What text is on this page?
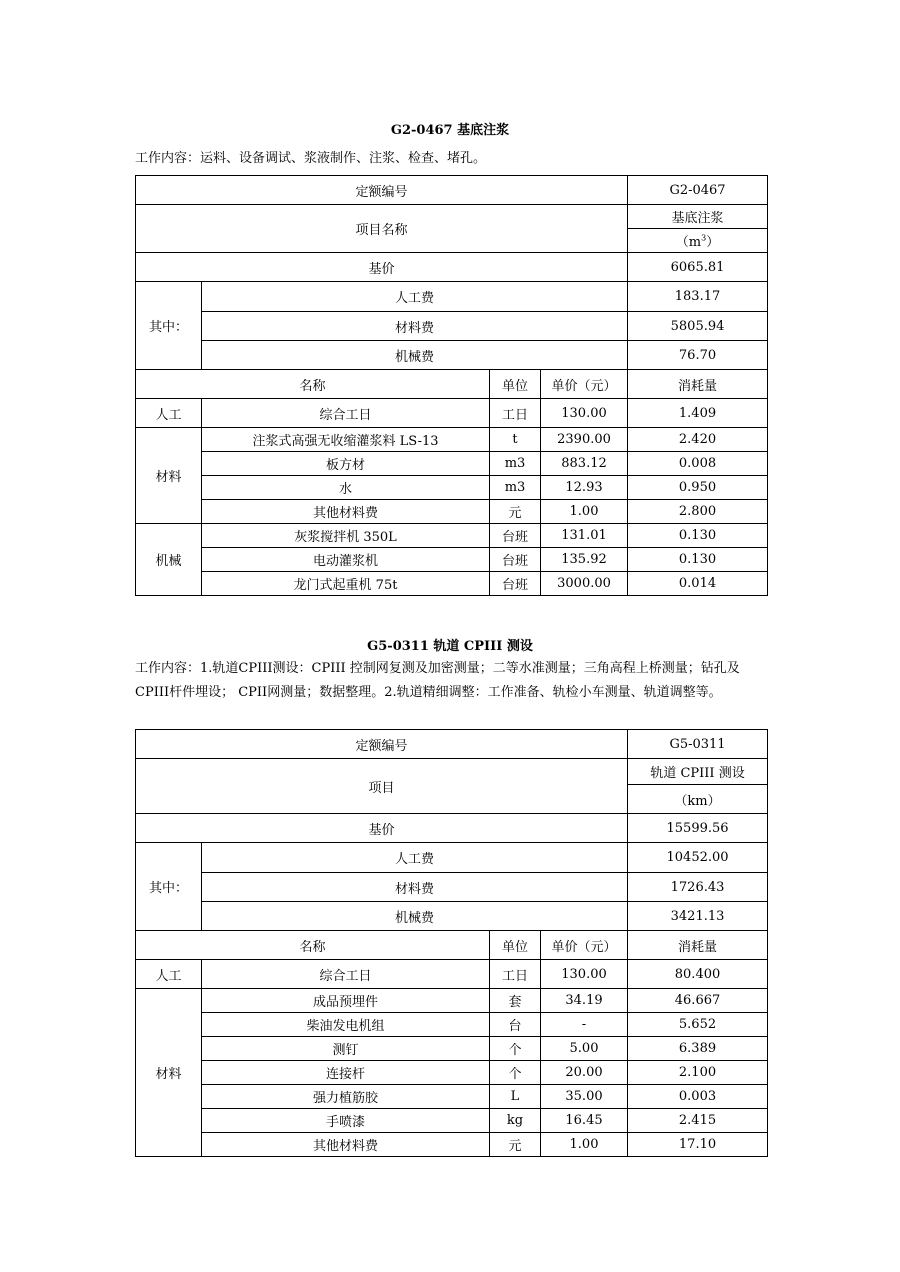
G2-0467 基底注浆

工作内容：运料、设备调试、浆液制作、注浆、检查、堵孔。

定额编号				G2-0467
项目名称				基底注浆
				$(m^3)$
基价				6065.81
其中：	人工费			183.17
	材料费			5805.94
	机械费			76.70
名称		单位	单价（元）	消耗量
人工	综合工日	工日	130.00	1.409
材料	注浆式高强无收缩灌浆料 LS-13	t	2390.00	2.420
	板方材	m3	883.12	0.008
	水	m3	12.93	0.950
	其他材料费	元	1.00	2.800
机械	灰浆搅拌机 350L	台班	131.01	0.130
	电动灌浆机	台班	135.92	0.130
	龙门式起重机 75t	台班	3000.00	0.014
G5-0311 轨道 CPIII 测设

工作内容：1.轨道CPIII测设：CPIII 控制网复测及加密测量；二等水准测量；三角高程上桥测量；钻孔及CPIII杆件埋设； CPII网测量；数据整理。2.轨道精细调整：工作准备、轨检小车测量、轨道调整等。

定额编号				G5-0311
项目				轨道 CPIII 测设
				（km）
基价				15599.56
其中：	人工费			10452.00
	材料费			1726.43
	机械费			3421.13
名称		单位	单价（元）	消耗量
人工	综合工日	工日	130.00	80.400
材料	成品预埋件	套	34.19	46.667
	柴油发电机组	台	-	5.652
	测钉	个	5.00	6.389
	连接杆	个	20.00	2.100
	强力植筋胶	L	35.00	0.003
	手喷漆	kg	16.45	2.415
	其他材料费	元	1.00	17.10
